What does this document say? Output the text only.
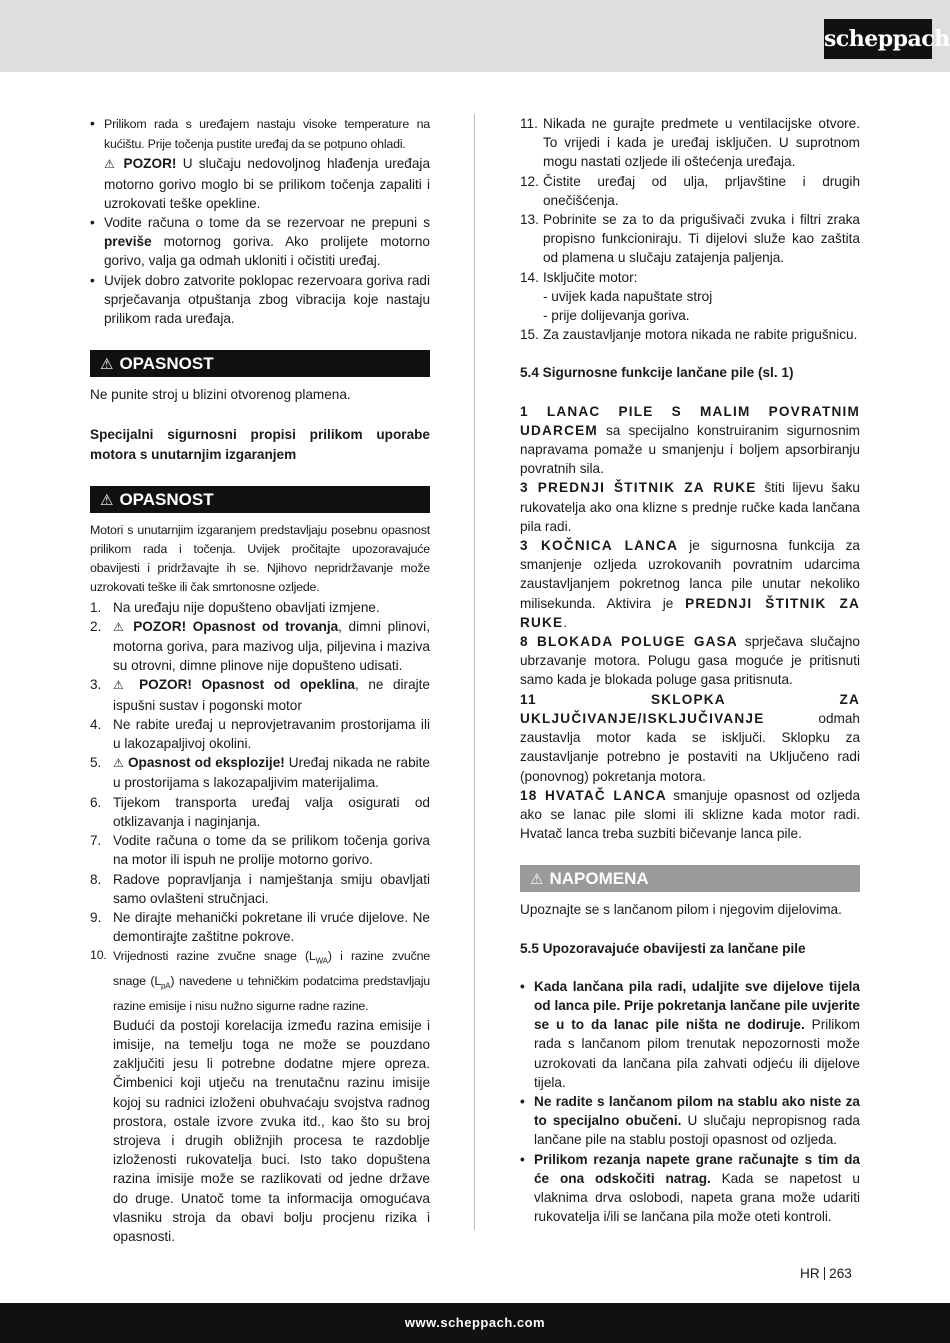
scheppach
• Prilikom rada s uređajem nastaju visoke temperature na kućištu. Prije točenja pustite uređaj da se potpuno ohladi.
⚠ POZOR! U slučaju nedovoljnog hlađenja uređaja motorno gorivo moglo bi se prilikom točenja zapaliti i uzrokovati teške opekline.
• Vodite računa o tome da se rezervoar ne prepuni s previše motornog goriva. Ako prolijete motorno gorivo, valja ga odmah ukloniti i očistiti uređaj.
• Uvijek dobro zatvorite poklopac rezervoara goriva radi sprječavanja otpuštanja zbog vibracija koje nastaju prilikom rada uređaja.
⚠ OPASNOST

Ne punite stroj u blizini otvorenog plamena.

Specijalni sigurnosni propisi prilikom uporabe motora s unutarnjim izgaranjem

⚠ OPASNOST

Motori s unutarnjim izgaranjem predstavljaju posebnu opasnost prilikom rada i točenja. Uvijek pročitajte upozoravajuće obavijesti i pridržavajte ih se. Njihovo nepridržavanje može uzrokovati teške ili čak smrtonosne ozljede.

1. Na uređaju nije dopušteno obavljati izmjene.
2. ⚠ POZOR! Opasnost od trovanja, dimni plinovi, motorna goriva, para mazivog ulja, piljevina i maziva su otrovni, dimne plinove nije dopušteno udisati.
3. ⚠ POZOR! Opasnost od opeklina, ne dirajte ispušni sustav i pogonski motor
4. Ne rabite uređaj u neprovjetravanim prostorijama ili u lakozapaljivoj okolini.
5. ⚠ Opasnost od eksplozije! Uređaj nikada ne rabite u prostorijama s lakozapaljivim materijalima.
6. Tijekom transporta uređaj valja osigurati od otklizavanja i naginjanja.
7. Vodite računa o tome da se prilikom točenja goriva na motor ili ispuh ne prolije motorno gorivo.
8. Radove popravljanja i namještanja smiju obavljati samo ovlašteni stručnjaci.
9. Ne dirajte mehanički pokretane ili vruće dijelove. Ne demontirajte zaštitne pokrove.
10. Vrijednosti razine zvučne snage $(L_{WA})$ i razine zvučne snage $(L_{pA})$ navedene u tehničkim podatcima predstavljaju razine emisije i nisu nužno sigurne radne razine.
Budući da postoji korelacija između razina emisije i imisije, na temelju toga ne može se pouzdano zaključiti jesu li potrebne dodatne mjere opreza. Čimbenici koji utječu na trenutačnu razinu imisije kojoj su radnici izloženi obuhvaćaju svojstva radnog prostora, ostale izvore zvuka itd., kao što su broj strojeva i drugih obližnjih procesa te razdoblje izloženosti rukovatelja buci. Isto tako dopuštena razina imisije može se razlikovati od jedne države do druge. Unatoč tome ta informacija omogućava vlasniku stroja da obavi bolju procjenu rizika i opasnosti.
11. Nikada ne gurajte predmete u ventilacijske otvore. To vrijedi i kada je uređaj isključen. U suprotnom mogu nastati ozljede ili oštećenja uređaja.
12. Čistite uređaj od ulja, prljavštine i drugih onečišćenja.
13. Pobrinite se za to da prigušivači zvuka i filtri zraka propisno funkcioniraju. Ti dijelovi služe kao zaštita od plamena u slučaju zatajenja paljenja.
14. Isključite motor:
- uvijek kada napuštate stroj
- prije dolijevanja goriva.
15. Za zaustavljanje motora nikada ne rabite prigušnicu.

5.4 Sigurnosne funkcije lančane pile (sl. 1)

1 LANAC PILE S MALIM POVRATNIM UDARCEM sa specijalno konstruiranim sigurnosnim napravama pomaže u smanjenju i boljem apsorbiranju povratnih sila.

3 PREDNJI ŠTITNIK ZA RUKE štiti lijevu šaku rukovatelja ako ona klizne s prednje ručke kada lančana pila radi.

3 KOČNICA LANCA je sigurnosna funkcija za smanjenje ozljeda uzrokovanih povratnim udarcima zaustavljanjem pokretnog lanca pile unutar nekoliko milisekunda. Aktivira je PREDNJI ŠTITNIK ZA RUKE.

8 BLOKADA POLUGE GASA sprječava slučajno ubrzavanje motora. Polugu gasa moguće je pritisnuti samo kada je blokada poluge gasa pritisnuta.

11 SKLOPKA ZA UKLJUČIVANJE/ISKLJUČIVANJE odmah zaustavlja motor kada se isključi. Sklopku za zaustavljanje potrebno je postaviti na Uključeno radi (ponovnog) pokretanja motora.

18 HVATAČ LANCA smanjuje opasnost od ozljeda ako se lanac pile slomi ili sklizne kada motor radi. Hvatač lanca treba suzbiti bičevanje lanca pile.

⚠ NAPOMENA

Upoznajte se s lančanom pilom i njegovim dijelovima.

5.5 Upozoravajuće obavijesti za lančane pile

• Kada lančana pila radi, udaljite sve dijelove tijela od lanca pile. Prije pokretanja lančane pile uvjerite se u to da lanac pile ništa ne dodiruje. Prilikom rada s lančanom pilom trenutak nepozornosti može uzrokovati da lančana pila zahvati odjeću ili dijelove tijela.
• Ne radite s lančanom pilom na stablu ako niste za to specijalno obučeni. U slučaju nepropisnog rada lančane pile na stablu postoji opasnost od ozljeda.
• Prilikom rezanja napete grane računajte s tim da će ona odskočiti natrag. Kada se napetost u vlaknima drva oslobodi, napeta grana može udariti rukovatelja i/ili se lančana pila može oteti kontroli.
HR 263
www.scheppach.com
